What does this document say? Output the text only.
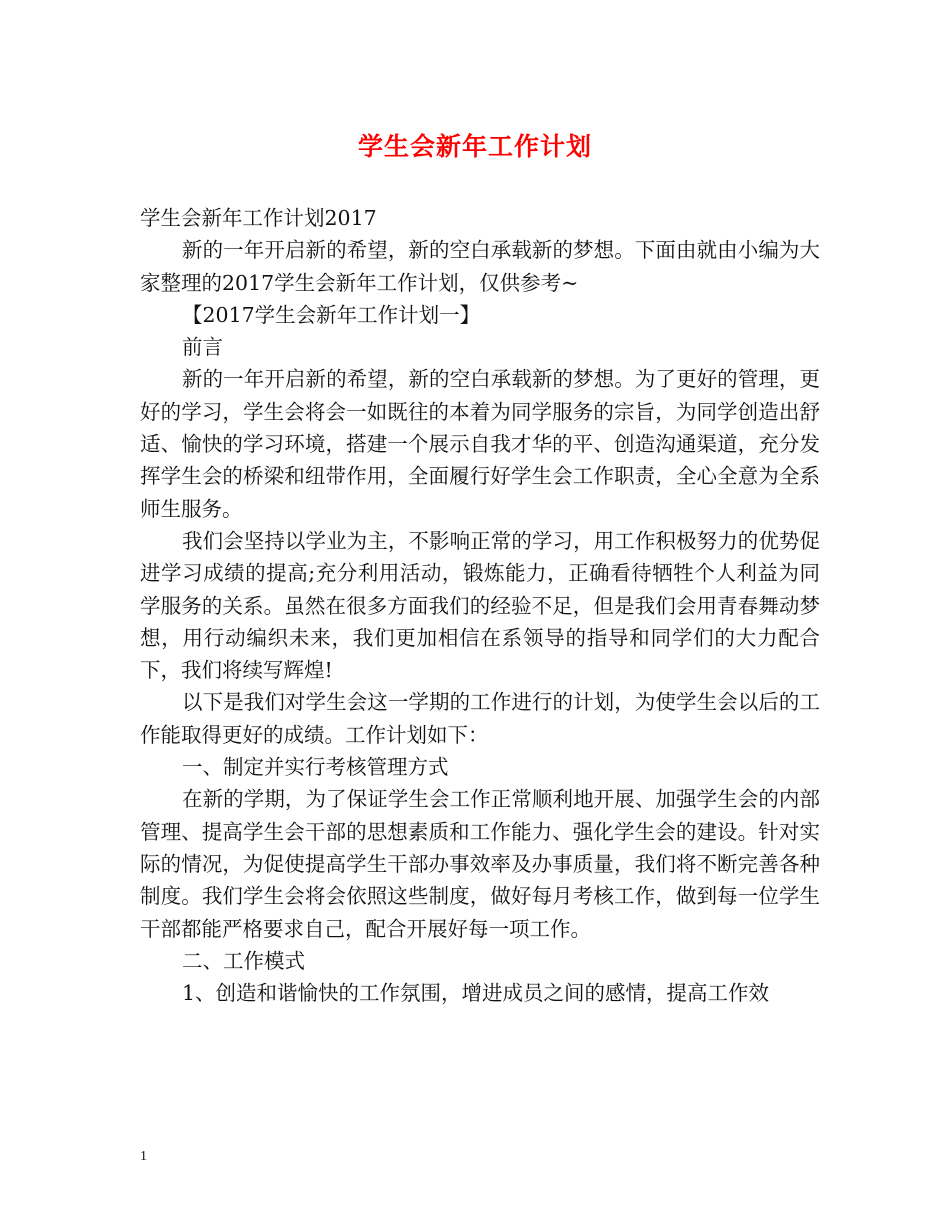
学生会新年工作计划

学生会新年工作计划2017

新的一年开启新的希望，新的空白承载新的梦想。下面由就由小编为大家整理的2017学生会新年工作计划，仅供参考~

【2017学生会新年工作计划一】

前言

新的一年开启新的希望，新的空白承载新的梦想。为了更好的管理，更好的学习，学生会将会一如既往的本着为同学服务的宗旨，为同学创造出舒适、愉快的学习环境，搭建一个展示自我才华的平、创造沟通渠道，充分发挥学生会的桥梁和纽带作用，全面履行好学生会工作职责，全心全意为全系师生服务。

我们会坚持以学业为主，不影响正常的学习，用工作积极努力的优势促进学习成绩的提高;充分利用活动，锻炼能力，正确看待牺牲个人利益为同学服务的关系。虽然在很多方面我们的经验不足，但是我们会用青春舞动梦想，用行动编织未来，我们更加相信在系领导的指导和同学们的大力配合下，我们将续写辉煌!

以下是我们对学生会这一学期的工作进行的计划，为使学生会以后的工作能取得更好的成绩。工作计划如下：

一、制定并实行考核管理方式

在新的学期，为了保证学生会工作正常顺利地开展、加强学生会的内部管理、提高学生会干部的思想素质和工作能力、强化学生会的建设。针对实际的情况，为促使提高学生干部办事效率及办事质量，我们将不断完善各种制度。我们学生会将会依照这些制度，做好每月考核工作，做到每一位学生干部都能严格要求自己，配合开展好每一项工作。

二、工作模式

1、创造和谐愉快的工作氛围，增进成员之间的感情，提高工作效

1
